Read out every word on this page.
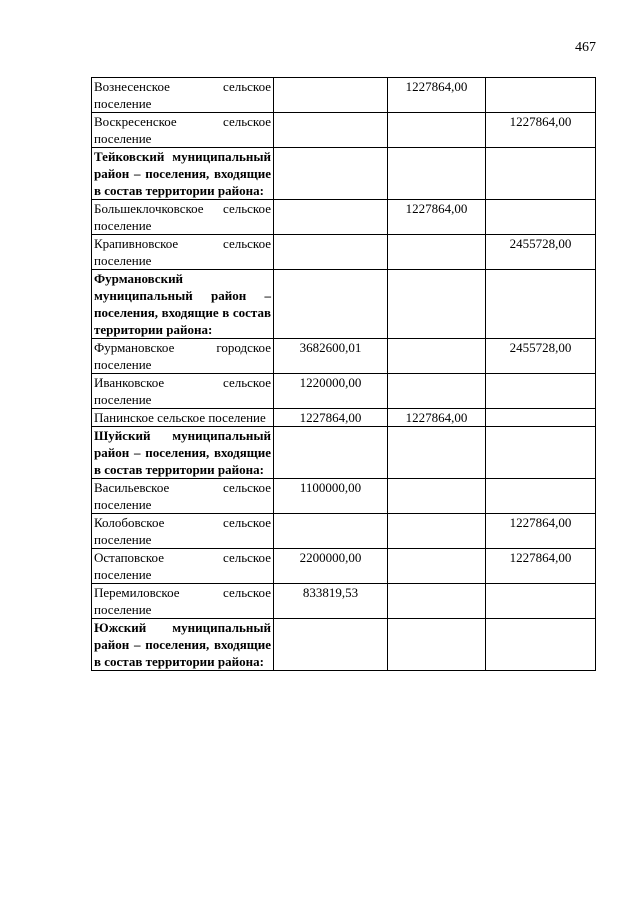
467
Вознесенское сельское поселение		1227864,00	
Воскресенское сельское поселение			1227864,00
Тейковский муниципальный район – поселения, входящие в состав территории района:			
Большеклочковское сельское поселение		1227864,00	
Крапивновское сельское поселение			2455728,00
Фурмановский муниципальный район – поселения, входящие в состав территории района:			
Фурмановское городское поселение	3682600,01		2455728,00
Иванковское сельское поселение	1220000,00		
Панинское сельское поселение	1227864,00	1227864,00	
Шуйский муниципальный район – поселения, входящие в состав территории района:			
Васильевское сельское поселение	1100000,00		
Колобовское сельское поселение			1227864,00
Остаповское сельское поселение	2200000,00		1227864,00
Перемиловское сельское поселение	833819,53		
Южский муниципальный район – поселения, входящие в состав территории района:			
